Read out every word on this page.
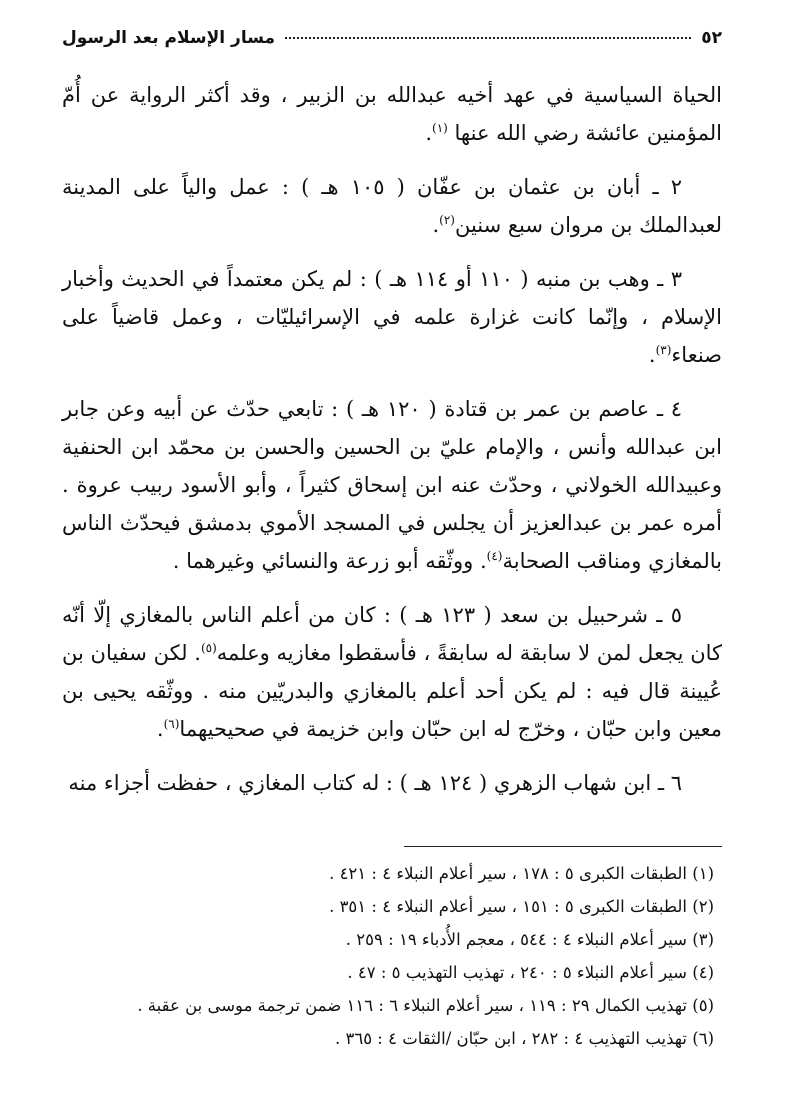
٥٢
مسار الإسلام بعد الرسول

الحياة السياسية في عهد أخيه عبدالله بن الزبير ، وقد أكثر الرواية عن أُمّ المؤمنين عائشة رضي الله عنها $^{(١)}$.

٢ ـ أبان بن عثمان بن عفّان ( ١٠٥ هـ ) : عمل والياً على المدينة لعبدالملك بن مروان سبع سنين$^{(٢)}$.

٣ ـ وهب بن منبه ( ١١٠ أو ١١٤ هـ ) : لم يكن معتمداً في الحديث وأخبار الإسلام ، وإنّما كانت غزارة علمه في الإسرائيليّات ، وعمل قاضياً على صنعاء$^{(٣)}$.

٤ ـ عاصم بن عمر بن قتادة ( ١٢٠ هـ ) : تابعي حدّث عن أبيه وعن جابر ابن عبدالله وأنس ، والإمام عليّ بن الحسين والحسن بن محمّد ابن الحنفية وعبيدالله الخولاني ، وحدّث عنه ابن إسحاق كثيراً ، وأبو الأسود ربيب عروة . أمره عمر بن عبدالعزيز أن يجلس في المسجد الأموي بدمشق فيحدّث الناس بالمغازي ومناقب الصحابة$^{(٤)}$. ووثّقه أبو زرعة والنسائي وغيرهما .

٥ ـ شرحبيل بن سعد ( ١٢٣ هـ ) : كان من أعلم الناس بالمغازي إلّا أنّه كان يجعل لمن لا سابقة له سابقةً ، فأسقطوا مغازيه وعلمه$^{(٥)}$. لكن سفيان بن عُيينة قال فيه : لم يكن أحد أعلم بالمغازي والبدريّين منه . ووثّقه يحيى بن معين وابن حبّان ، وخرّج له ابن حبّان وابن خزيمة في صحيحيهما$^{(٦)}$.

٦ ـ ابن شهاب الزهري ( ١٢٤ هـ ) : له كتاب المغازي ، حفظت أجزاء منه

(١) الطبقات الكبرى ٥ : ١٧٨ ، سير أعلام النبلاء ٤ : ٤٢١ .
(٢) الطبقات الكبرى ٥ : ١٥١ ، سير أعلام النبلاء ٤ : ٣٥١ .
(٣) سير أعلام النبلاء ٤ : ٥٤٤ ، معجم الأُدباء ١٩ : ٢٥٩ .
(٤) سير أعلام النبلاء ٥ : ٢٤٠ ، تهذيب التهذيب ٥ : ٤٧ .
(٥) تهذيب الكمال ٢٩ : ١١٩ ، سير أعلام النبلاء ٦ : ١١٦ ضمن ترجمة موسى بن عقبة .
(٦) تهذيب التهذيب ٤ : ٢٨٢ ، ابن حبّان /الثقات ٤ : ٣٦٥ .
